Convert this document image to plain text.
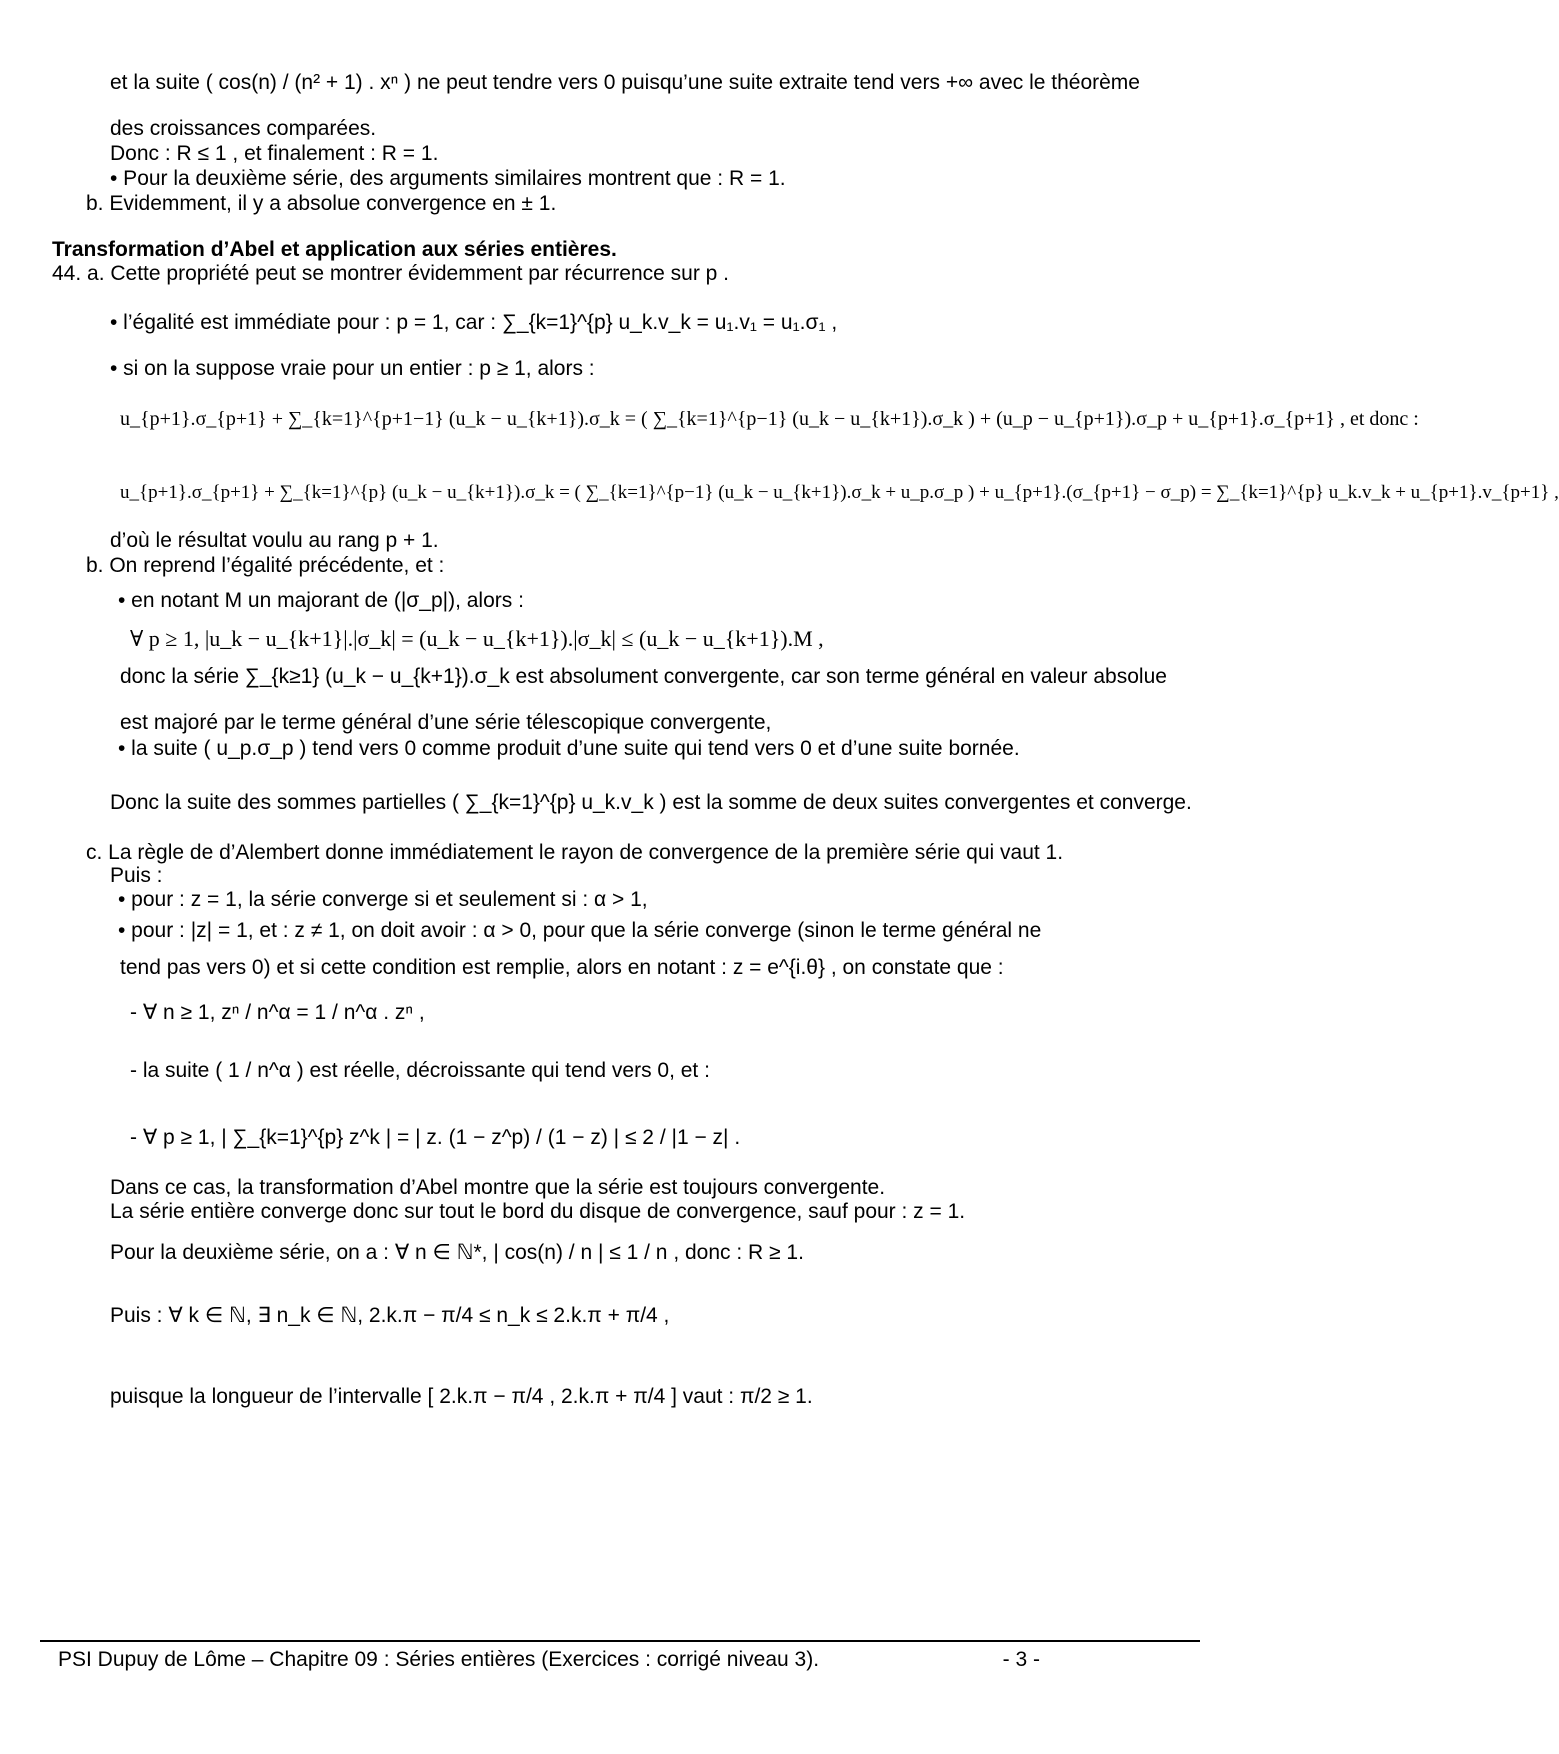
et la suite ( cos(n) / (n² + 1) . xⁿ ) ne peut tendre vers 0 puisqu’une suite extraite tend vers +∞ avec le théorème
des croissances comparées.
Donc : R ≤ 1 , et finalement : R = 1.
• Pour la deuxième série, des arguments similaires montrent que : R = 1.
b. Evidemment, il y a absolue convergence en ± 1.
Transformation d’Abel et application aux séries entières.
44. a. Cette propriété peut se montrer évidemment par récurrence sur p .
• l’égalité est immédiate pour : p = 1, car : ∑_{k=1}^{p} u_k.v_k = u₁.v₁ = u₁.σ₁ ,
• si on la suppose vraie pour un entier : p ≥ 1, alors :
u_{p+1}.σ_{p+1} + ∑_{k=1}^{p+1−1} (u_k − u_{k+1}).σ_k = ( ∑_{k=1}^{p−1} (u_k − u_{k+1}).σ_k ) + (u_p − u_{p+1}).σ_p + u_{p+1}.σ_{p+1} , et donc :
u_{p+1}.σ_{p+1} + ∑_{k=1}^{p} (u_k − u_{k+1}).σ_k = ( ∑_{k=1}^{p−1} (u_k − u_{k+1}).σ_k + u_p.σ_p ) + u_{p+1}.(σ_{p+1} − σ_p) = ∑_{k=1}^{p} u_k.v_k + u_{p+1}.v_{p+1} ,
d’où le résultat voulu au rang p + 1.
b. On reprend l’égalité précédente, et :
• en notant M un majorant de (|σ_p|), alors :
∀ p ≥ 1, |u_k − u_{k+1}|.|σ_k| = (u_k − u_{k+1}).|σ_k| ≤ (u_k − u_{k+1}).M ,
donc la série ∑_{k≥1} (u_k − u_{k+1}).σ_k est absolument convergente, car son terme général en valeur absolue
est majoré par le terme général d’une série télescopique convergente,
• la suite ( u_p.σ_p ) tend vers 0 comme produit d’une suite qui tend vers 0 et d’une suite bornée.
Donc la suite des sommes partielles ( ∑_{k=1}^{p} u_k.v_k ) est la somme de deux suites convergentes et converge.
c. La règle de d’Alembert donne immédiatement le rayon de convergence de la première série qui vaut 1.
Puis :
• pour : z = 1, la série converge si et seulement si : α > 1,
• pour : |z| = 1, et : z ≠ 1, on doit avoir : α > 0, pour que la série converge (sinon le terme général ne
tend pas vers 0) et si cette condition est remplie, alors en notant : z = e^{i.θ} , on constate que :
- ∀ n ≥ 1, zⁿ / n^α = 1 / n^α . zⁿ ,
- la suite ( 1 / n^α ) est réelle, décroissante qui tend vers 0, et :
- ∀ p ≥ 1, | ∑_{k=1}^{p} z^k | = | z. (1 − z^p) / (1 − z) | ≤ 2 / |1 − z| .
Dans ce cas, la transformation d’Abel montre que la série est toujours convergente.
La série entière converge donc sur tout le bord du disque de convergence, sauf pour : z = 1.
Pour la deuxième série, on a : ∀ n ∈ ℕ*, | cos(n) / n | ≤ 1 / n , donc : R ≥ 1.
Puis : ∀ k ∈ ℕ, ∃ n_k ∈ ℕ, 2.k.π − π/4 ≤ n_k ≤ 2.k.π + π/4 ,
puisque la longueur de l’intervalle [ 2.k.π − π/4 , 2.k.π + π/4 ] vaut : π/2 ≥ 1.
PSI Dupuy de Lôme – Chapitre 09 : Séries entières (Exercices : corrigé niveau 3).	- 3 -
